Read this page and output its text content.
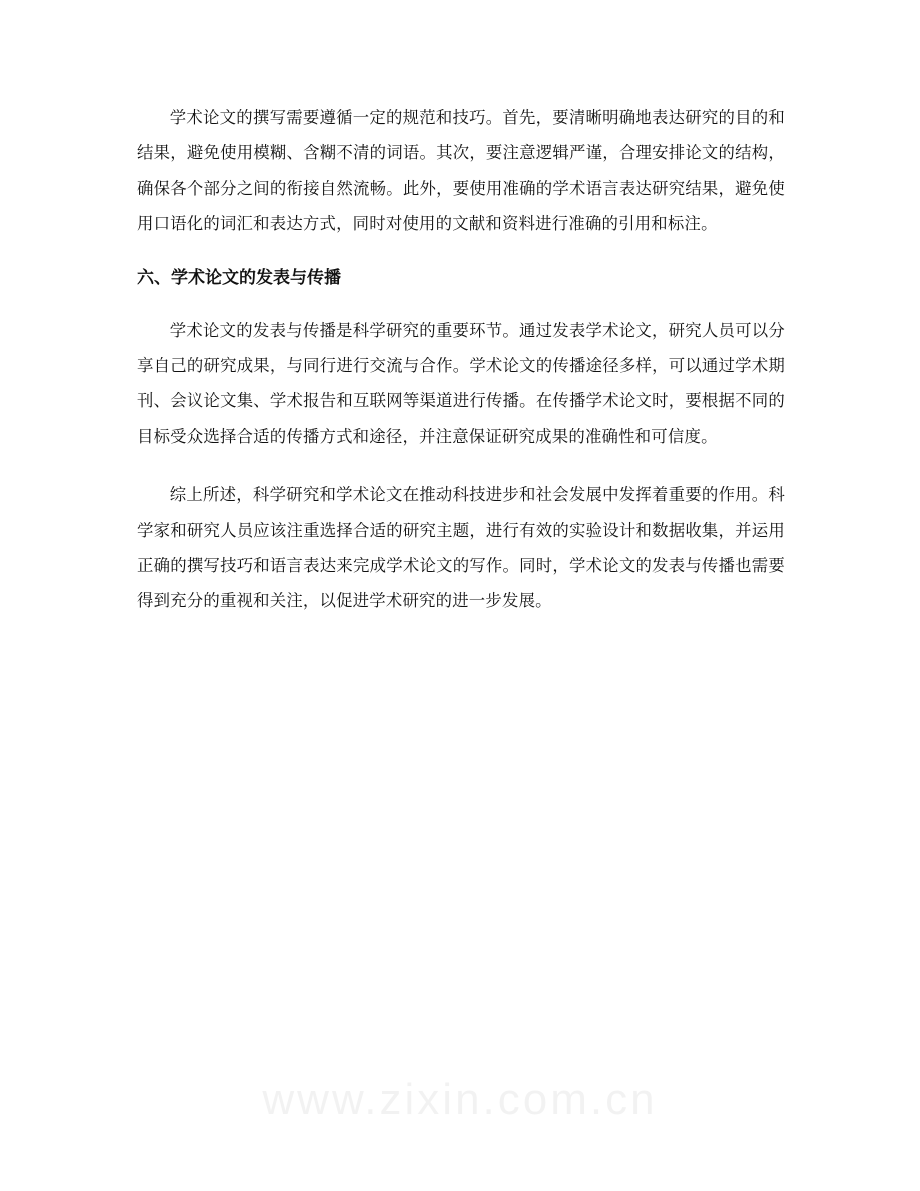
学术论文的撰写需要遵循一定的规范和技巧。首先，要清晰明确地表达研究的目的和结果，避免使用模糊、含糊不清的词语。其次，要注意逻辑严谨，合理安排论文的结构，确保各个部分之间的衔接自然流畅。此外，要使用准确的学术语言表达研究结果，避免使用口语化的词汇和表达方式，同时对使用的文献和资料进行准确的引用和标注。

六、学术论文的发表与传播

学术论文的发表与传播是科学研究的重要环节。通过发表学术论文，研究人员可以分享自己的研究成果，与同行进行交流与合作。学术论文的传播途径多样，可以通过学术期刊、会议论文集、学术报告和互联网等渠道进行传播。在传播学术论文时，要根据不同的目标受众选择合适的传播方式和途径，并注意保证研究成果的准确性和可信度。

综上所述，科学研究和学术论文在推动科技进步和社会发展中发挥着重要的作用。科学家和研究人员应该注重选择合适的研究主题，进行有效的实验设计和数据收集，并运用正确的撰写技巧和语言表达来完成学术论文的写作。同时，学术论文的发表与传播也需要得到充分的重视和关注，以促进学术研究的进一步发展。

www.zixin.com.cn
